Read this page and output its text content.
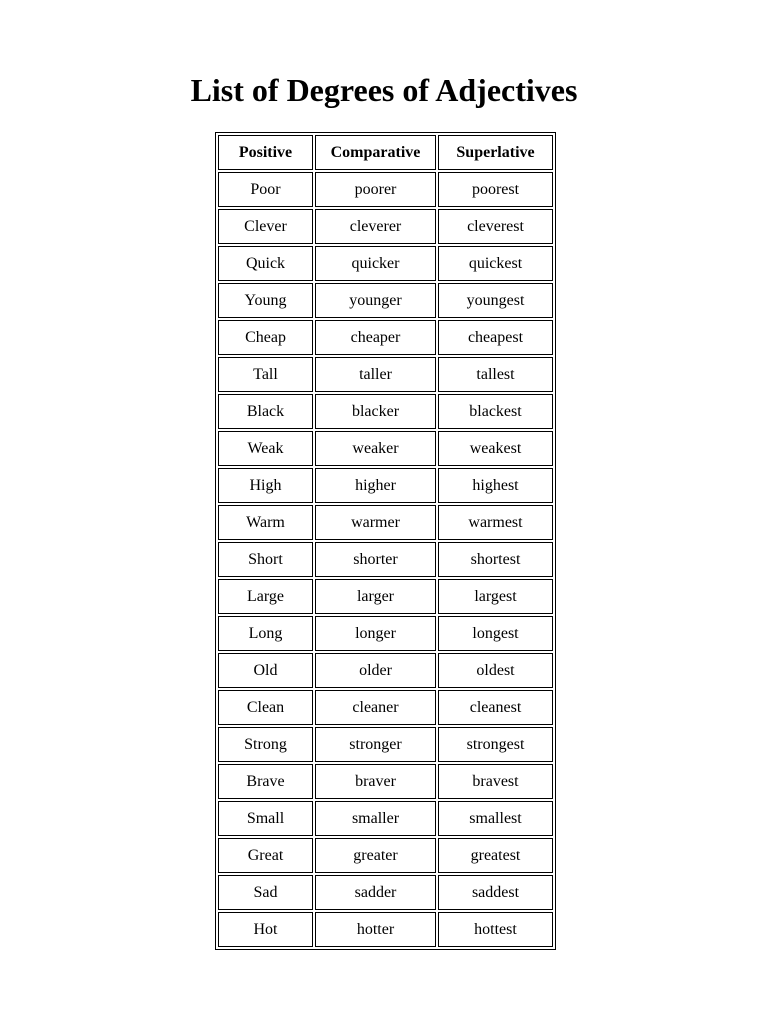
List of Degrees of Adjectives
Positive	Comparative	Superlative
Poor	poorer	poorest
Clever	cleverer	cleverest
Quick	quicker	quickest
Young	younger	youngest
Cheap	cheaper	cheapest
Tall	taller	tallest
Black	blacker	blackest
Weak	weaker	weakest
High	higher	highest
Warm	warmer	warmest
Short	shorter	shortest
Large	larger	largest
Long	longer	longest
Old	older	oldest
Clean	cleaner	cleanest
Strong	stronger	strongest
Brave	braver	bravest
Small	smaller	smallest
Great	greater	greatest
Sad	sadder	saddest
Hot	hotter	hottest
